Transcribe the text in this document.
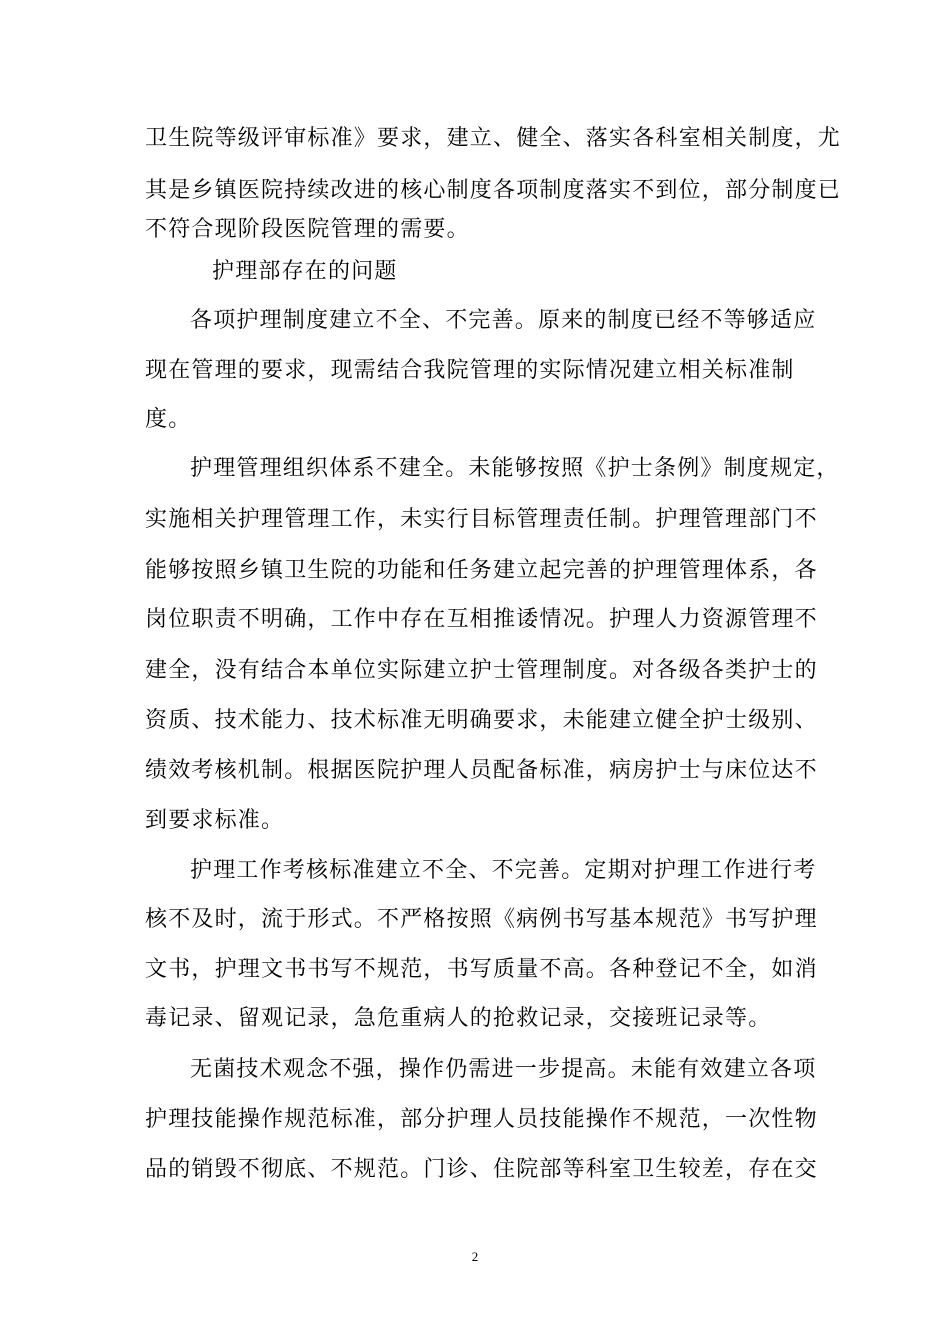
卫生院等级评审标准》要求，建立、健全、落实各科室相关制度，尤
其是乡镇医院持续改进的核心制度各项制度落实不到位，部分制度已
不符合现阶段医院管理的需要。
护理部存在的问题
各项护理制度建立不全、不完善。原来的制度已经不等够适应
现在管理的要求，现需结合我院管理的实际情况建立相关标准制
度。
护理管理组织体系不建全。未能够按照《护士条例》制度规定，
实施相关护理管理工作，未实行目标管理责任制。护理管理部门不
能够按照乡镇卫生院的功能和任务建立起完善的护理管理体系，各
岗位职责不明确，工作中存在互相推诿情况。护理人力资源管理不
建全，没有结合本单位实际建立护士管理制度。对各级各类护士的
资质、技术能力、技术标准无明确要求，未能建立健全护士级别、
绩效考核机制。根据医院护理人员配备标准，病房护士与床位达不
到要求标准。
护理工作考核标准建立不全、不完善。定期对护理工作进行考
核不及时，流于形式。不严格按照《病例书写基本规范》书写护理
文书，护理文书书写不规范，书写质量不高。各种登记不全，如消
毒记录、留观记录，急危重病人的抢救记录，交接班记录等。
无菌技术观念不强，操作仍需进一步提高。未能有效建立各项
护理技能操作规范标准，部分护理人员技能操作不规范，一次性物
品的销毁不彻底、不规范。门诊、住院部等科室卫生较差，存在交
2
